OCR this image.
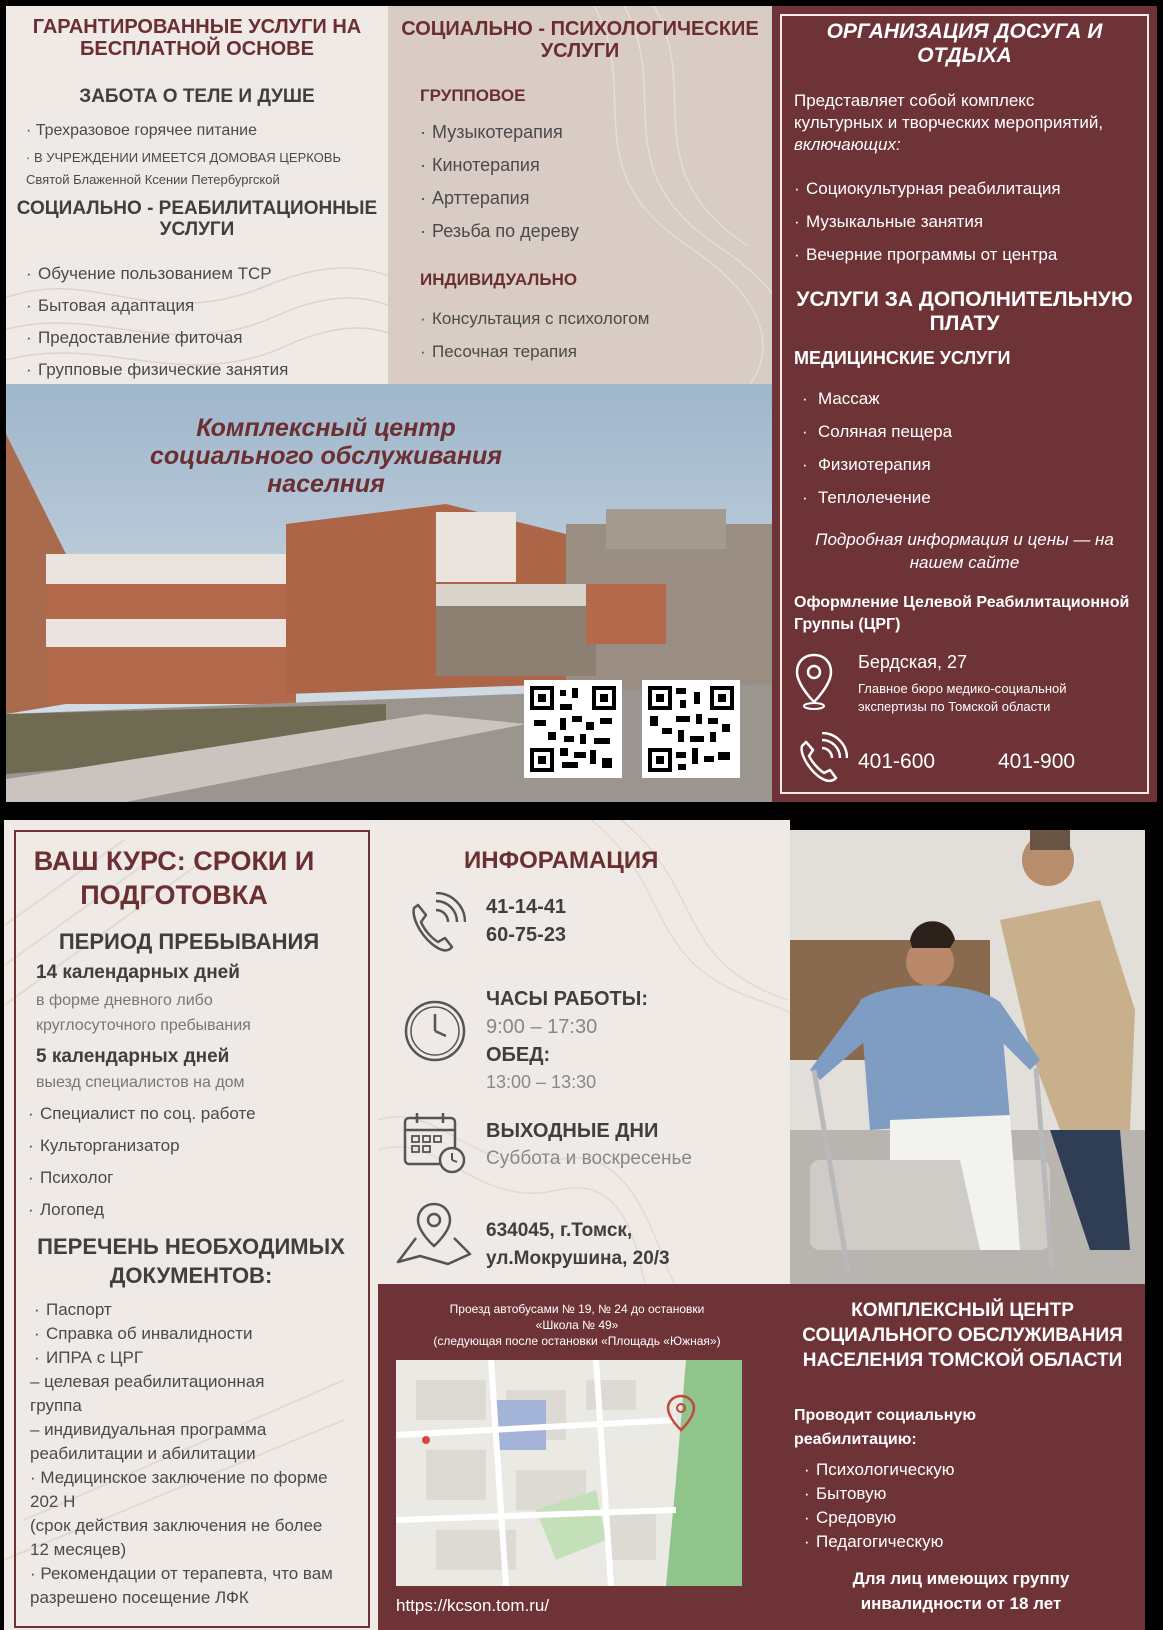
ГАРАНТИРОВАННЫЕ УСЛУГИ НА БЕСПЛАТНОЙ ОСНОВЕ
ЗАБОТА О ТЕЛЕ И ДУШЕ
· Трехразовое горячее питание
· В УЧРЕЖДЕНИИ ИМЕЕТСЯ ДОМОВАЯ ЦЕРКОВЬ
Святой Блаженной Ксении Петербургской
СОЦИАЛЬНО - РЕАБИЛИТАЦИОННЫЕ УСЛУГИ
· Обучение пользованием ТСР
· Бытовая адаптация
· Предоставление фиточая
· Групповые физические занятия
СОЦИАЛЬНО - ПСИХОЛОГИЧЕСКИЕ УСЛУГИ
ГРУППОВОЕ
· Музыкотерапия
· Кинотерапия
· Арттерапия
· Резьба по дереву
ИНДИВИДУАЛЬНО
· Консультация с психологом
· Песочная терапия
Комплексный центр социального обслуживания населния
ОРГАНИЗАЦИЯ ДОСУГА И ОТДЫХА
Представляет собой комплекс культурных и творческих мероприятий, включающих:
· Социокультурная реабилитация
· Музыкальные занятия
· Вечерние программы от центра
УСЛУГИ ЗА ДОПОЛНИТЕЛЬНУЮ ПЛАТУ
МЕДИЦИНСКИЕ УСЛУГИ
· Массаж
· Соляная пещера
· Физиотерапия
· Теплолечение
Подробная информация и цены — на нашем сайте
Оформление Целевой Реабилитационной Группы (ЦРГ)
Бердская, 27
Главное бюро медико-социальной экспертизы по Томской области
401-600	401-900
ВАШ КУРС: СРОКИ И ПОДГОТОВКА
ПЕРИОД ПРЕБЫВАНИЯ
14 календарных дней
в форме дневного либо круглосуточного пребывания
5 календарных дней
выезд специалистов на дом
· Специалист по соц. работе
· Культорганизатор
· Психолог
· Логопед
ПЕРЕЧЕНЬ НЕОБХОДИМЫХ ДОКУМЕНТОВ:
· Паспорт
· Справка об инвалидности
· ИПРА с ЦРГ
– целевая реабилитационная группа
– индивидуальная программа реабилитации и абилитации
· Медицинское заключение по форме 202 Н
(срок действия заключения не более 12 месяцев)
· Рекомендации от терапевта, что вам разрешено посещение ЛФК
ИНФОРАМАЦИЯ
41-14-41
60-75-23
ЧАСЫ РАБОТЫ:
9:00 – 17:30
ОБЕД:
13:00 – 13:30
ВЫХОДНЫЕ ДНИ
Суббота и воскресенье
634045, г.Томск,
ул.Мокрушина, 20/3
Проезд автобусами № 19, № 24 до остановки
«Школа № 49»
(следующая после остановки «Площадь «Южная»)
https://kcson.tom.ru/
КОМПЛЕКСНЫЙ ЦЕНТР СОЦИАЛЬНОГО ОБСЛУЖИВАНИЯ НАСЕЛЕНИЯ ТОМСКОЙ ОБЛАСТИ
Проводит социальную реабилитацию:
· Психологическую
· Бытовую
· Средовую
· Педагогическую
Для лиц имеющих группу инвалидности от 18 лет
